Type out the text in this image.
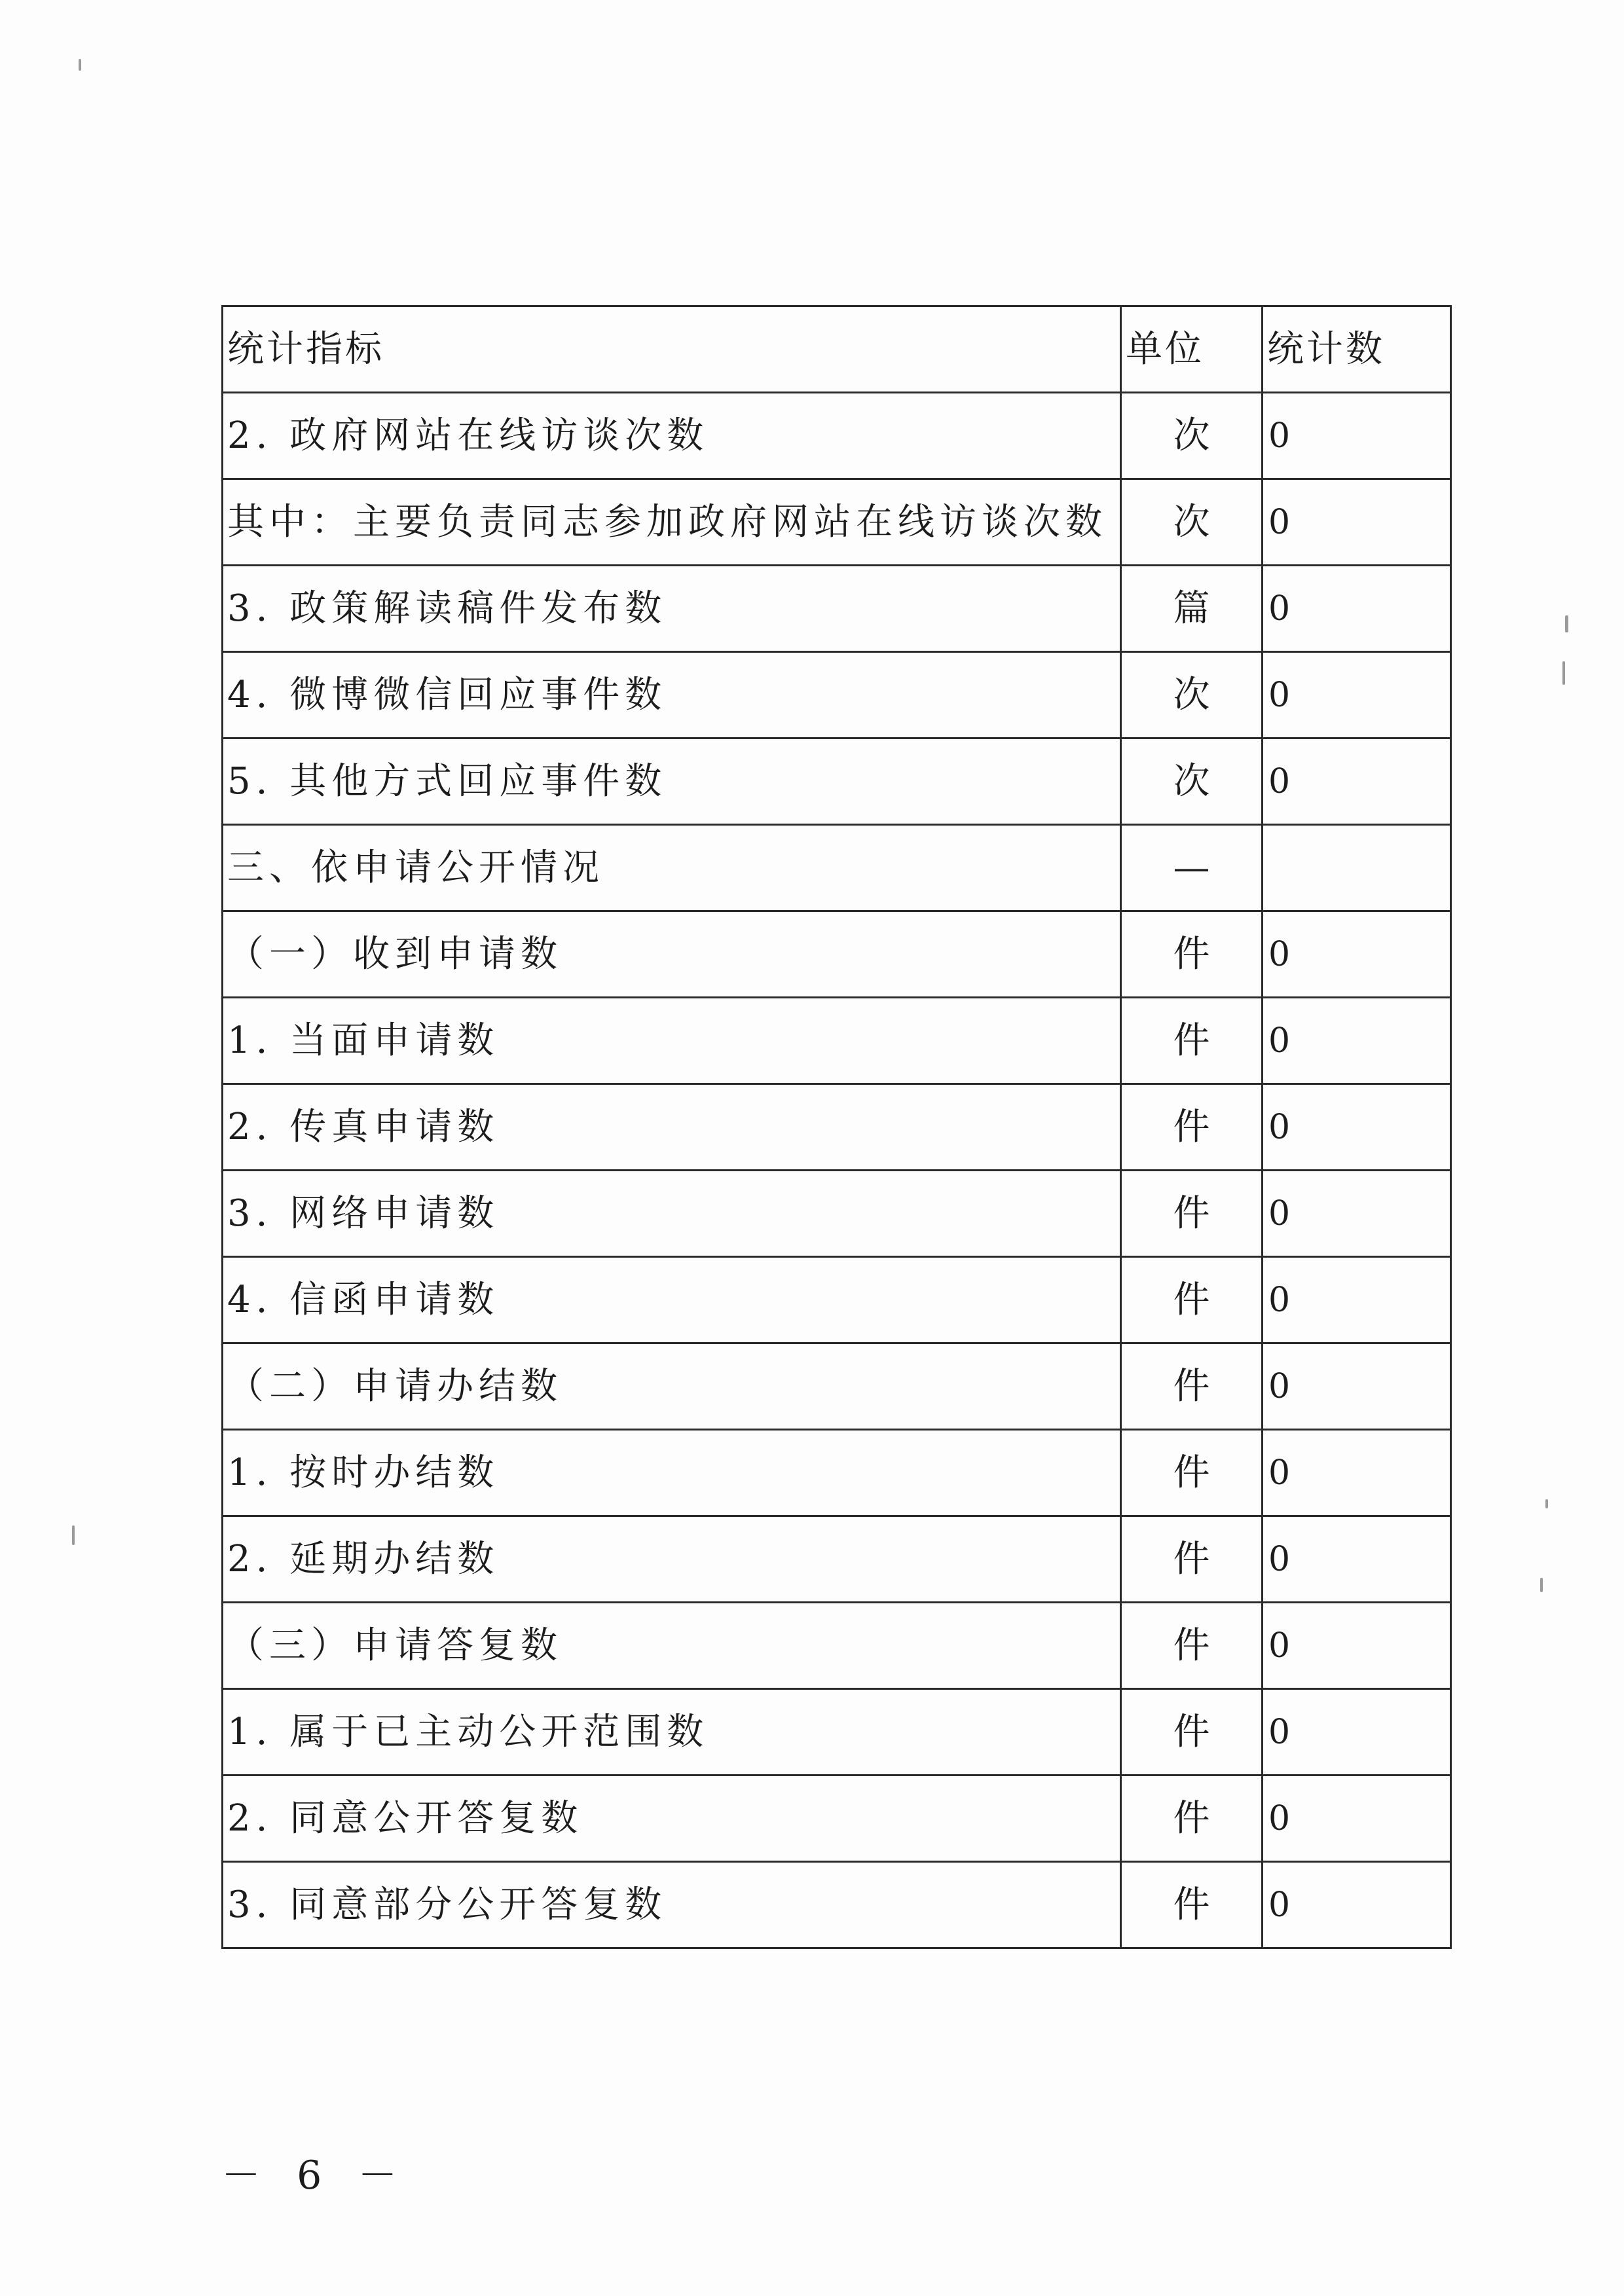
统计指标	单位	统计数
2. 政府网站在线访谈次数	次	0
其中：主要负责同志参加政府网站在线访谈次数	次	0
3. 政策解读稿件发布数	篇	0
4. 微博微信回应事件数	次	0
5. 其他方式回应事件数	次	0
三、依申请公开情况	—	
（一）收到申请数	件	0
1. 当面申请数	件	0
2. 传真申请数	件	0
3. 网络申请数	件	0
4. 信函申请数	件	0
（二）申请办结数	件	0
1. 按时办结数	件	0
2. 延期办结数	件	0
（三）申请答复数	件	0
1. 属于已主动公开范围数	件	0
2. 同意公开答复数	件	0
3. 同意部分公开答复数	件	0
－ 6 －
